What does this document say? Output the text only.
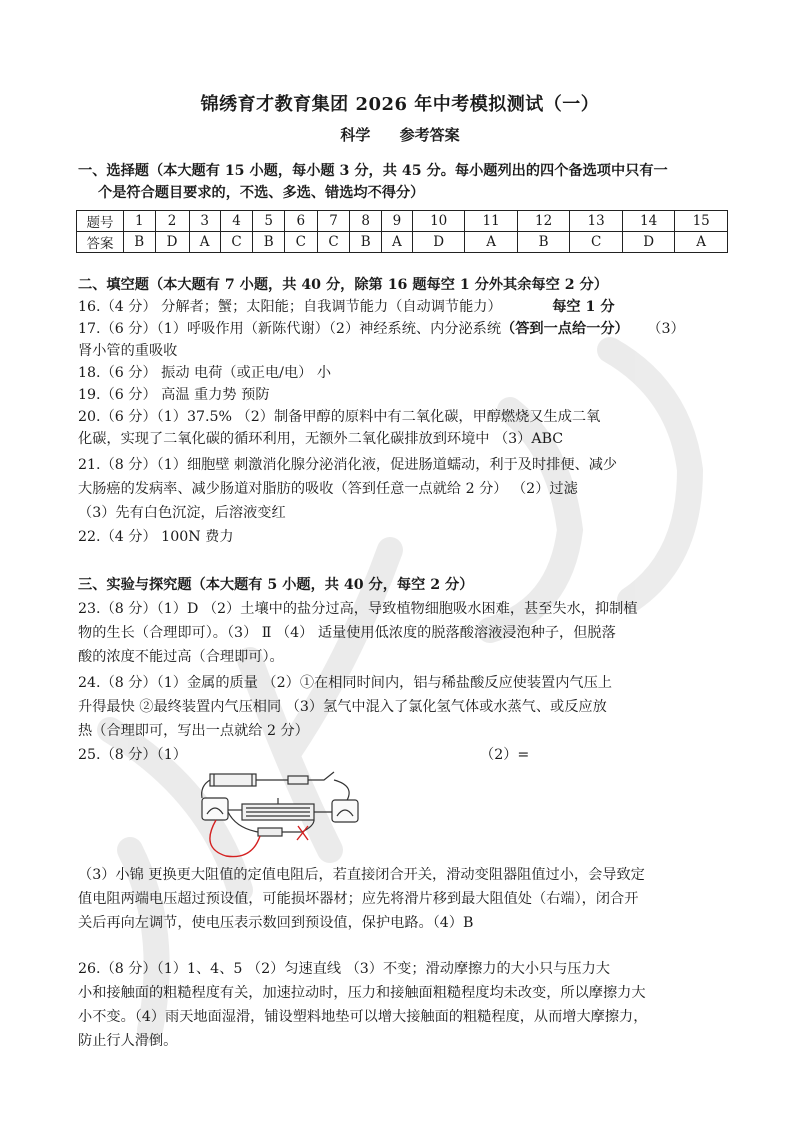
锦绣育才教育集团 2026 年中考模拟测试（一）
科学 参考答案
一、选择题（本大题有 15 小题，每小题 3 分，共 45 分。每小题列出的四个备选项中只有一
个是符合题目要求的，不选、多选、错选均不得分）
题号	1	2	3	4	5	6	7	8	9	10	11	12	13	14	15
答案	B	D	A	C	B	C	C	B	A	D	A	B	C	D	A
二、填空题（本大题有 7 小题，共 40 分，除第 16 题每空 1 分外其余每空 2 分）
16.（4 分） 分解者；蟹；太阳能；自我调节能力（自动调节能力）	每空 1 分
17.（6 分）（1）呼吸作用（新陈代谢）（2）神经系统、内分泌系统（答到一点给一分） （3）
肾小管的重吸收
18.（6 分） 振动 电荷（或正电/电） 小
19.（6 分） 高温 重力势 预防
20.（6 分）（1）37.5% （2）制备甲醇的原料中有二氧化碳，甲醇燃烧又生成二氧
化碳，实现了二氧化碳的循环利用，无额外二氧化碳排放到环境中 （3）ABC
21.（8 分）（1）细胞壁 刺激消化腺分泌消化液，促进肠道蠕动，利于及时排便、减少
大肠癌的发病率、减少肠道对脂肪的吸收（答到任意一点就给 2 分） （2）过滤
（3）先有白色沉淀，后溶液变红
22.（4 分） 100N 费力
三、实验与探究题（本大题有 5 小题，共 40 分，每空 2 分）
23.（8 分）（1）D （2）土壤中的盐分过高，导致植物细胞吸水困难，甚至失水，抑制植
物的生长（合理即可）。（3） Ⅱ （4） 适量使用低浓度的脱落酸溶液浸泡种子，但脱落
酸的浓度不能过高（合理即可）。
24.（8 分）（1）金属的质量 （2）①在相同时间内，铝与稀盐酸反应使装置内气压上
升得最快 ②最终装置内气压相同 （3）氢气中混入了氯化氢气体或水蒸气、或反应放
热（合理即可，写出一点就给 2 分）
25.（8 分）（1）	（2）=
（3）小锦 更换更大阻值的定值电阻后，若直接闭合开关，滑动变阻器阻值过小，会导致定
值电阻两端电压超过预设值，可能损坏器材；应先将滑片移到最大阻值处（右端），闭合开
关后再向左调节，使电压表示数回到预设值，保护电路。（4）B
26.（8 分）（1）1、4、5 （2）匀速直线 （3）不变；滑动摩擦力的大小只与压力大
小和接触面的粗糙程度有关，加速拉动时，压力和接触面粗糙程度均未改变，所以摩擦力大
小不变。（4）雨天地面湿滑，铺设塑料地垫可以增大接触面的粗糙程度，从而增大摩擦力，
防止行人滑倒。
